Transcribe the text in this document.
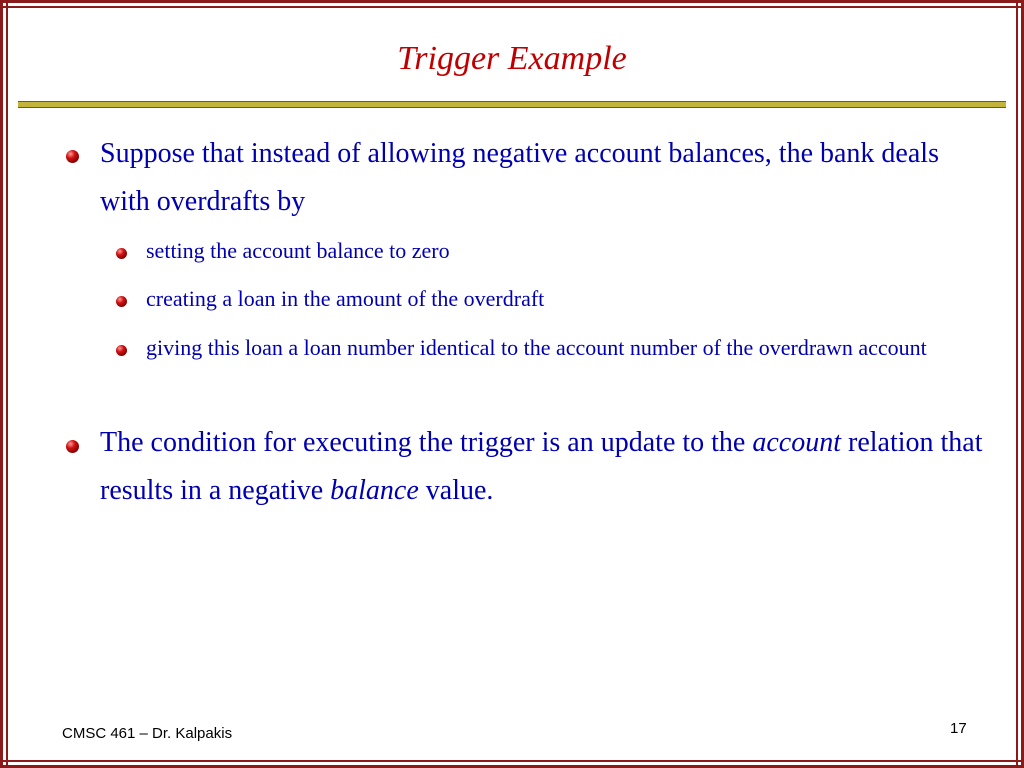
Trigger Example
Suppose that instead of allowing negative account balances, the bank deals with overdrafts by
setting the account balance to zero
creating a loan in the amount of the overdraft
giving this loan a loan number identical to the account number of the overdrawn account
The condition for executing the trigger is an update to the account relation that results in a negative balance value.
CMSC 461 – Dr. Kalpakis	17
